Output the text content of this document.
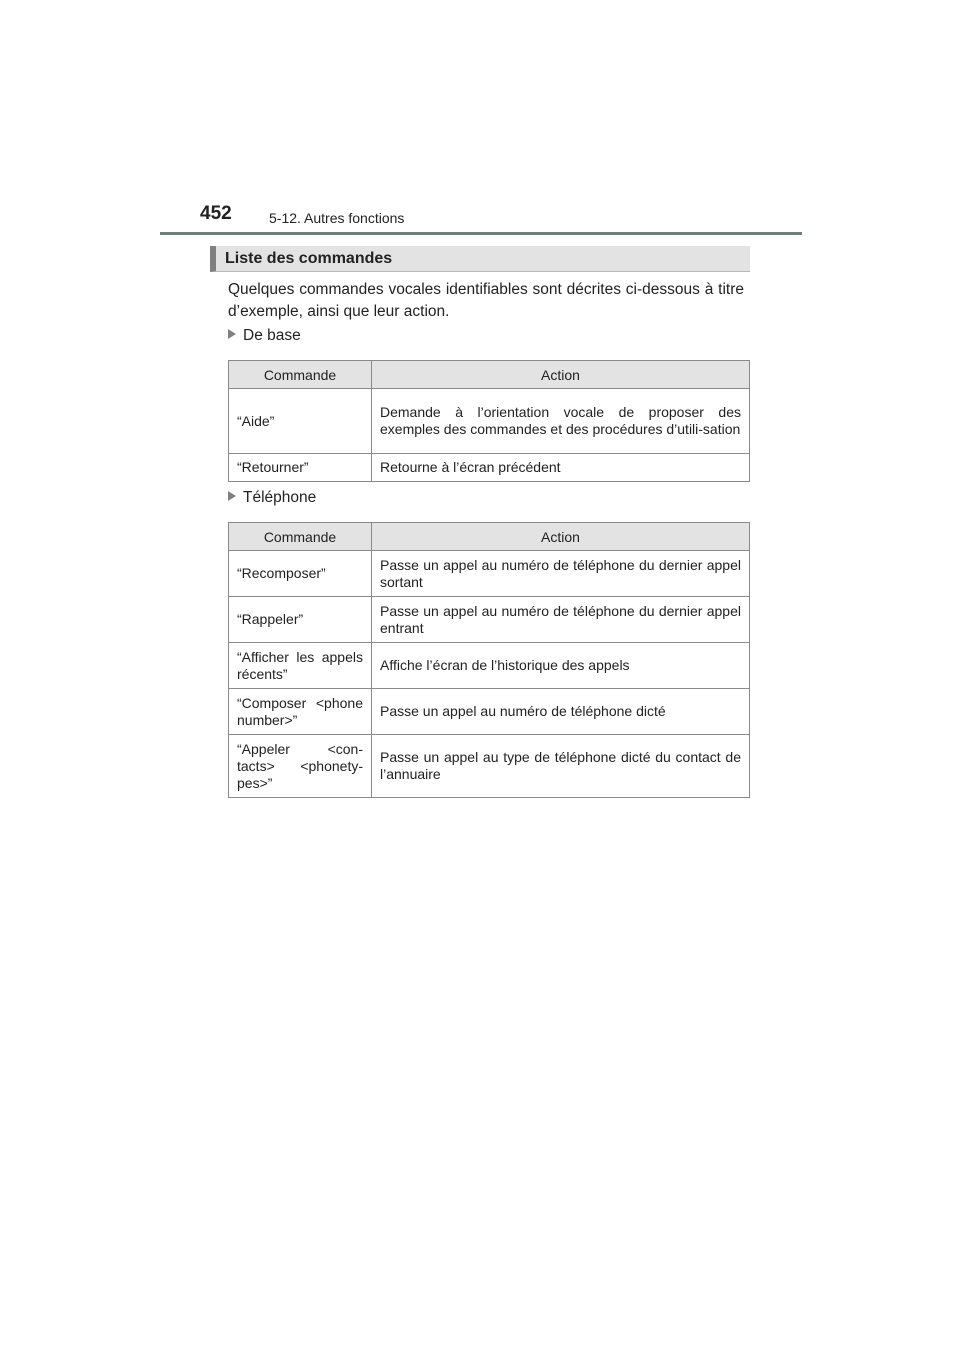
452	5-12. Autres fonctions
Liste des commandes
Quelques commandes vocales identifiables sont décrites ci-dessous à titre d’exemple, ainsi que leur action.
De base
Commande	Action
“Aide”	Demande à l’orientation vocale de proposer des exemples des commandes et des procédures d’utili-sation
“Retourner”	Retourne à l’écran précédent
Téléphone
Commande	Action
“Recomposer”	Passe un appel au numéro de téléphone du dernier appel sortant
“Rappeler”	Passe un appel au numéro de téléphone du dernier appel entrant
“Afficher les appels récents”	Affiche l’écran de l’historique des appels
“Composer <phone number>”	Passe un appel au numéro de téléphone dicté
“Appeler <con-tacts> <phonety-pes>”	Passe un appel au type de téléphone dicté du contact de l’annuaire
